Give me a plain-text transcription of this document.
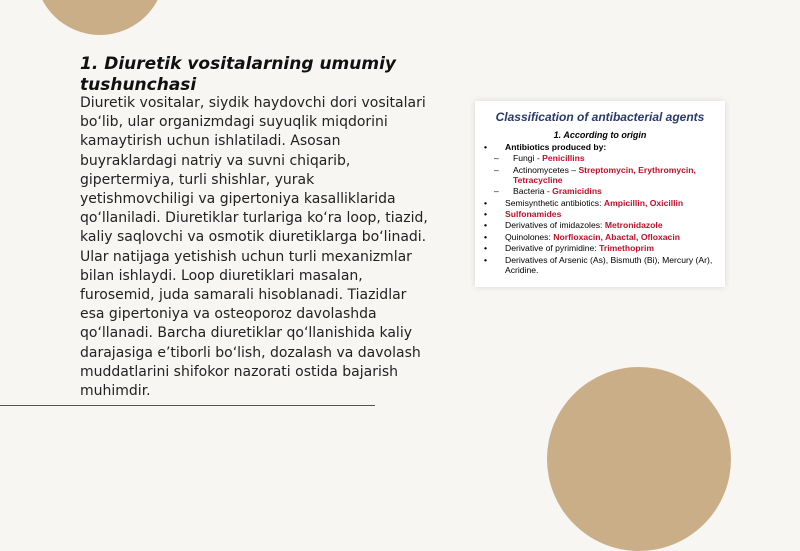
1. Diuretik vositalarning umumiy tushunchasi

Diuretik vositalar, siydik haydovchi dori vositalari bo‘lib, ular organizmdagi suyuqlik miqdorini kamaytirish uchun ishlatiladi. Asosan buyraklardagi natriy va suvni chiqarib, gipertermiya, turli shishlar, yurak yetishmovchiligi va gipertoniya kasalliklarida qo‘llaniladi. Diuretiklar turlariga ko‘ra loop, tiazid, kaliy saqlovchi va osmotik diuretiklarga bo‘linadi. Ular natijaga yetishish uchun turli mexanizmlar bilan ishlaydi. Loop diuretiklari masalan, furosemid, juda samarali hisoblanadi. Tiazidlar esa gipertoniya va osteoporoz davolashda qo‘llanadi. Barcha diuretiklar qo‘llanishida kaliy darajasiga e’tiborli bo‘lish, dozalash va davolash muddatlarini shifokor nazorati ostida bajarish muhimdir.

Classification of antibacterial agents

1. According to origin

• Antibiotics produced by:
– Fungi - Penicillins
– Actinomycetes – Streptomycin, Erythromycin, Tetracycline
– Bacteria - Gramicidins
• Semisynthetic antibiotics: Ampicillin, Oxicillin
• Sulfonamides
• Derivatives of imidazoles: Metronidazole
• Quinolones: Norfloxacin, Abactal, Ofloxacin
• Derivative of pyrimidine: Trimethoprim
• Derivatives of Arsenic (As), Bismuth (Bi), Mercury (Ar), Acridine.
